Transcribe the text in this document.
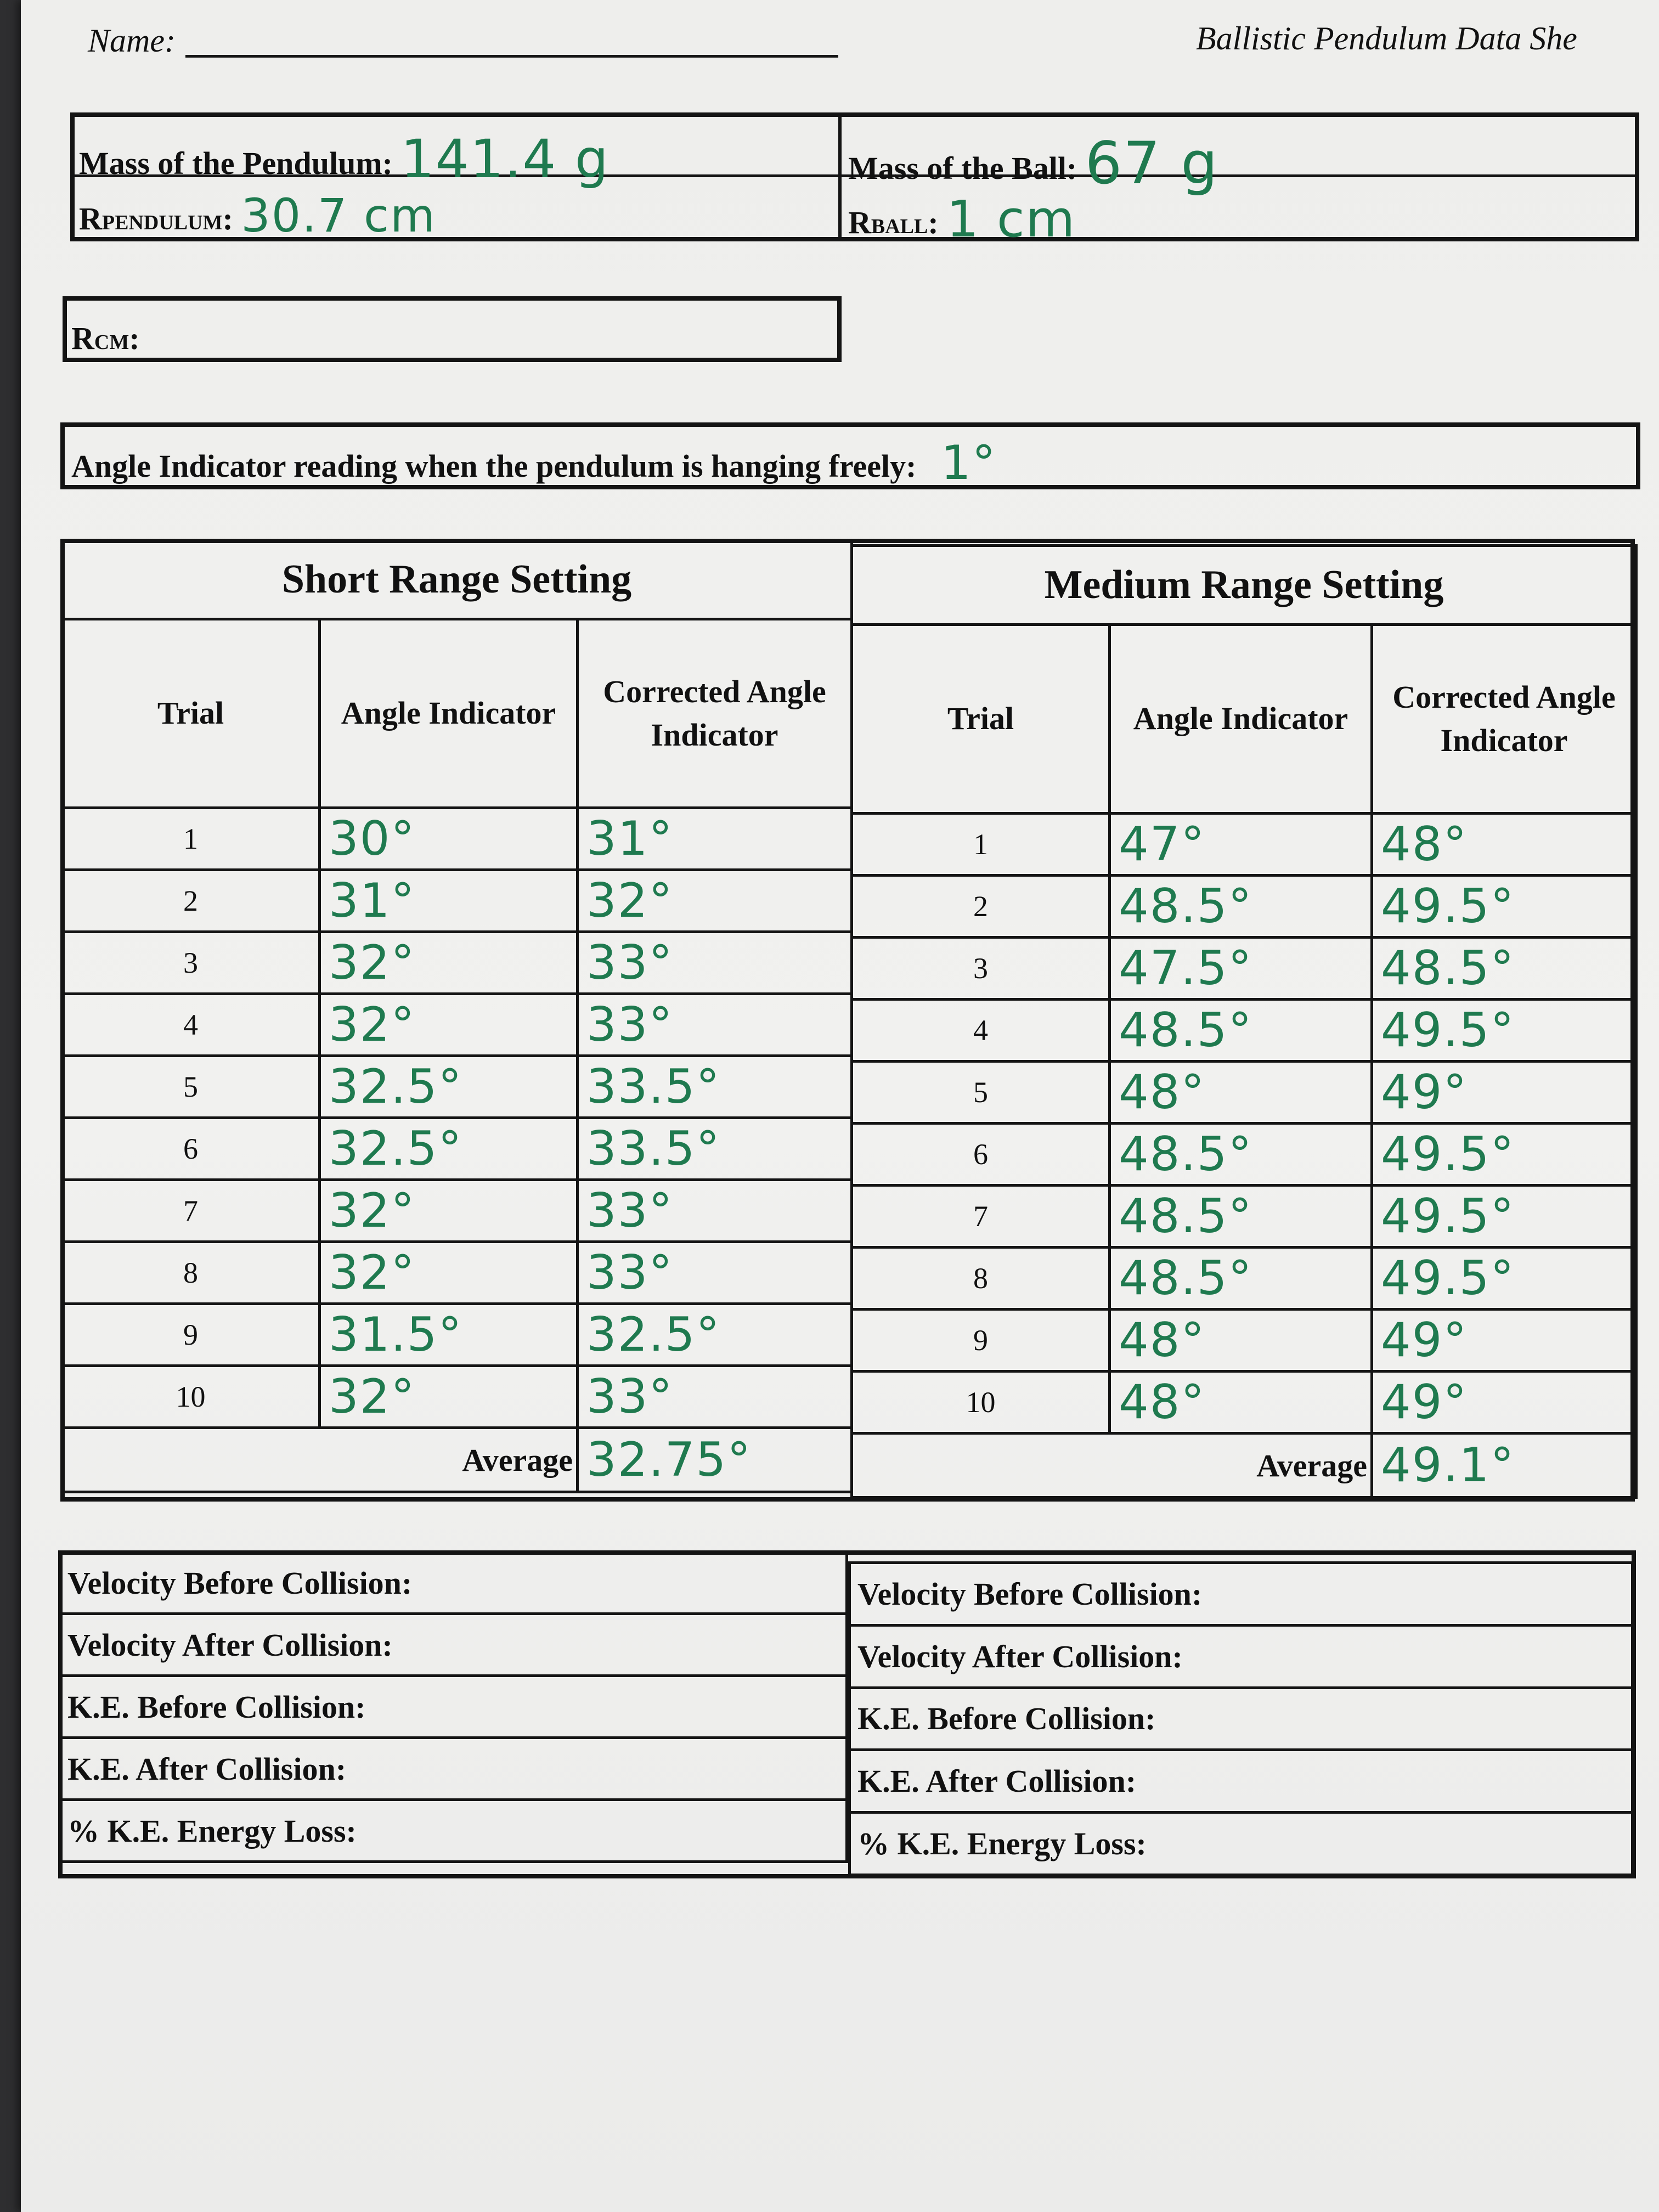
Name:	Ballistic Pendulum Data She
Mass of the Pendulum: 141.4 g	Mass of the Ball: 67 g
RPENDULUM: 30.7 cm	RBALL: 1 cm
RCM:
Angle Indicator reading when the pendulum is hanging freely: 1°
Short Range Setting		
Trial	Angle Indicator	Corrected Angle Indicator
1	30°	31°
2	31°	32°
3	32°	33°
4	32°	33°
5	32.5°	33.5°
6	32.5°	33.5°
7	32°	33°
8	32°	33°
9	31.5°	32.5°
10	32°	33°
Average		32.75°
Medium Range Setting		
Trial	Angle Indicator	Corrected Angle Indicator
1	47°	48°
2	48.5°	49.5°
3	47.5°	48.5°
4	48.5°	49.5°
5	48°	49°
6	48.5°	49.5°
7	48.5°	49.5°
8	48.5°	49.5°
9	48°	49°
10	48°	49°
Average		49.1°
Velocity Before Collision:
Velocity After Collision:
K.E. Before Collision:
K.E. After Collision:
% K.E. Energy Loss:
Velocity Before Collision:
Velocity After Collision:
K.E. Before Collision:
K.E. After Collision:
% K.E. Energy Loss:
